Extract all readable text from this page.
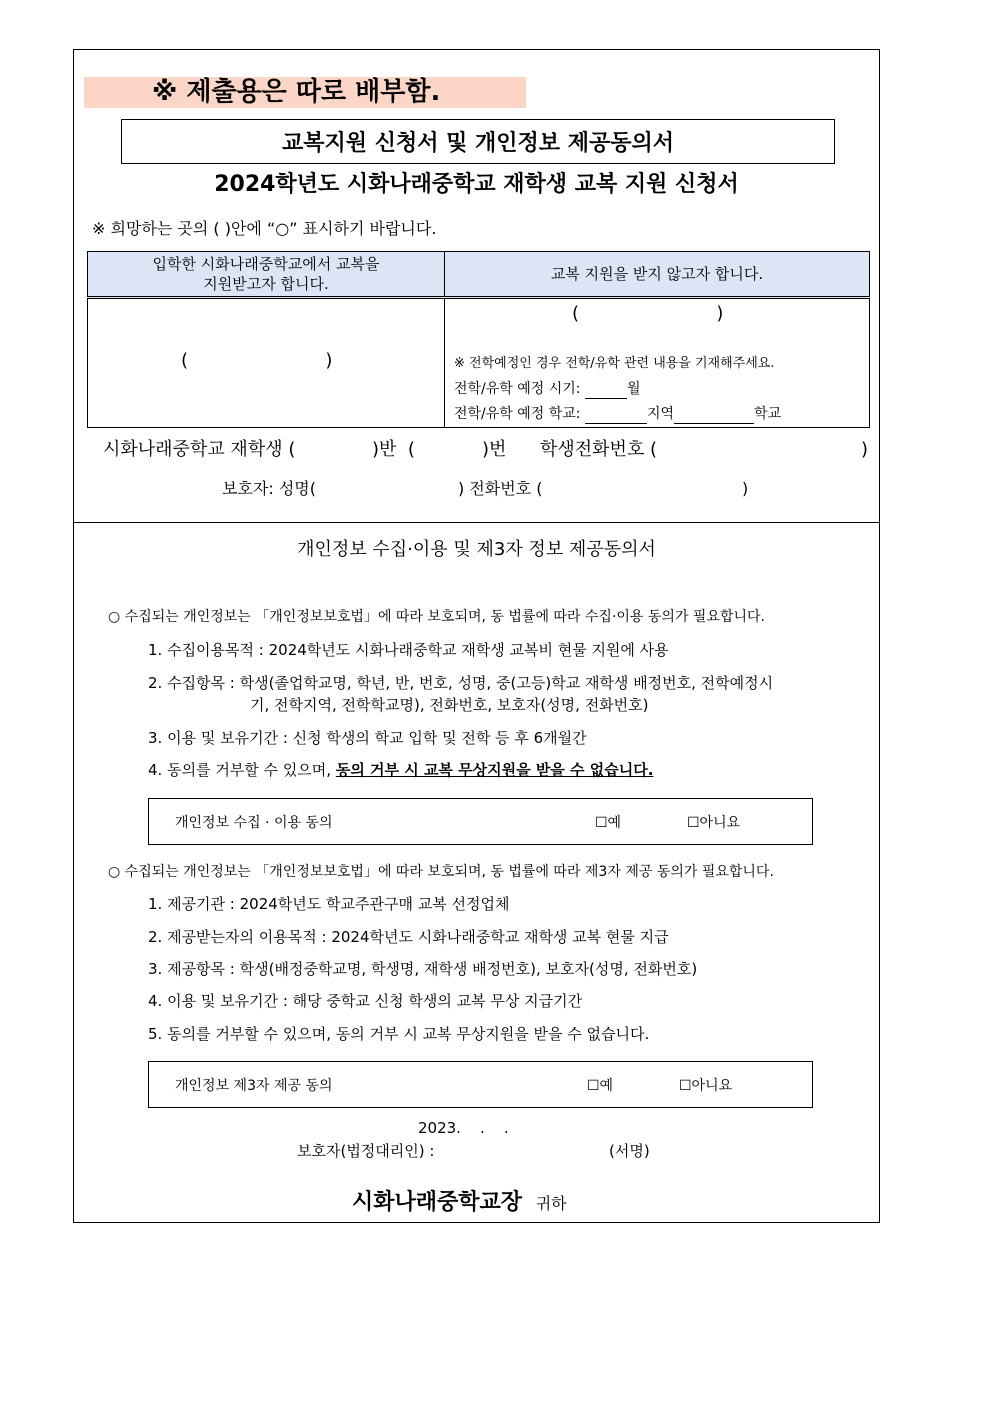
※ 제출용은 따로 배부함.
교복지원 신청서 및 개인정보 제공동의서
2024학년도 시화나래중학교 재학생 교복 지원 신청서
※ 희망하는 곳의 ( )안에 “○” 표시하기 바랍니다.
입학한 시화나래중학교에서 교복을
지원받고자 합니다.	교복 지원을 받지 않고자 합니다.

(                        )	(                        )
※ 전학예정인 경우 전학/유학 관련 내용을 기재해주세요.
전학/유학 예정 시기: 월
전학/유학 예정 학교: 지역 학교
시화나래중학교 재학생 (	)반  (	)번 학생전화번호 (	)
보호자: 성명(	) 전화번호 (	)
개인정보 수집·이용 및 제3자 정보 제공동의서
○ 수집되는 개인정보는 「개인정보보호법」에 따라 보호되며, 동 법률에 따라 수집·이용 동의가 필요합니다.
1. 수집이용목적 : 2024학년도 시화나래중학교 재학생 교복비 현물 지원에 사용
2. 수집항목 : 학생(졸업학교명, 학년, 반, 번호, 성명, 중(고등)학교 재학생 배정번호, 전학예정시
기, 전학지역, 전학학교명), 전화번호, 보호자(성명, 전화번호)
3. 이용 및 보유기간 : 신청 학생의 학교 입학 및 전학 등 후 6개월간
4. 동의를 거부할 수 있으며, 동의 거부 시 교복 무상지원을 받을 수 없습니다.
개인정보 수집 · 이용 동의	☐예	☐아니요
○ 수집되는 개인정보는 「개인정보보호법」에 따라 보호되며, 동 법률에 따라 제3자 제공 동의가 필요합니다.
1. 제공기관 : 2024학년도 학교주관구매 교복 선정업체
2. 제공받는자의 이용목적 : 2024학년도 시화나래중학교 재학생 교복 현물 지급
3. 제공항목 : 학생(배정중학교명, 학생명, 재학생 배정번호), 보호자(성명, 전화번호)
4. 이용 및 보유기간 : 해당 중학교 신청 학생의 교복 무상 지급기간
5. 동의를 거부할 수 있으며, 동의 거부 시 교복 무상지원을 받을 수 없습니다.
개인정보 제3자 제공 동의	☐예	☐아니요
2023.    .    .
보호자(법정대리인) :	(서명)
시화나래중학교장 귀하
